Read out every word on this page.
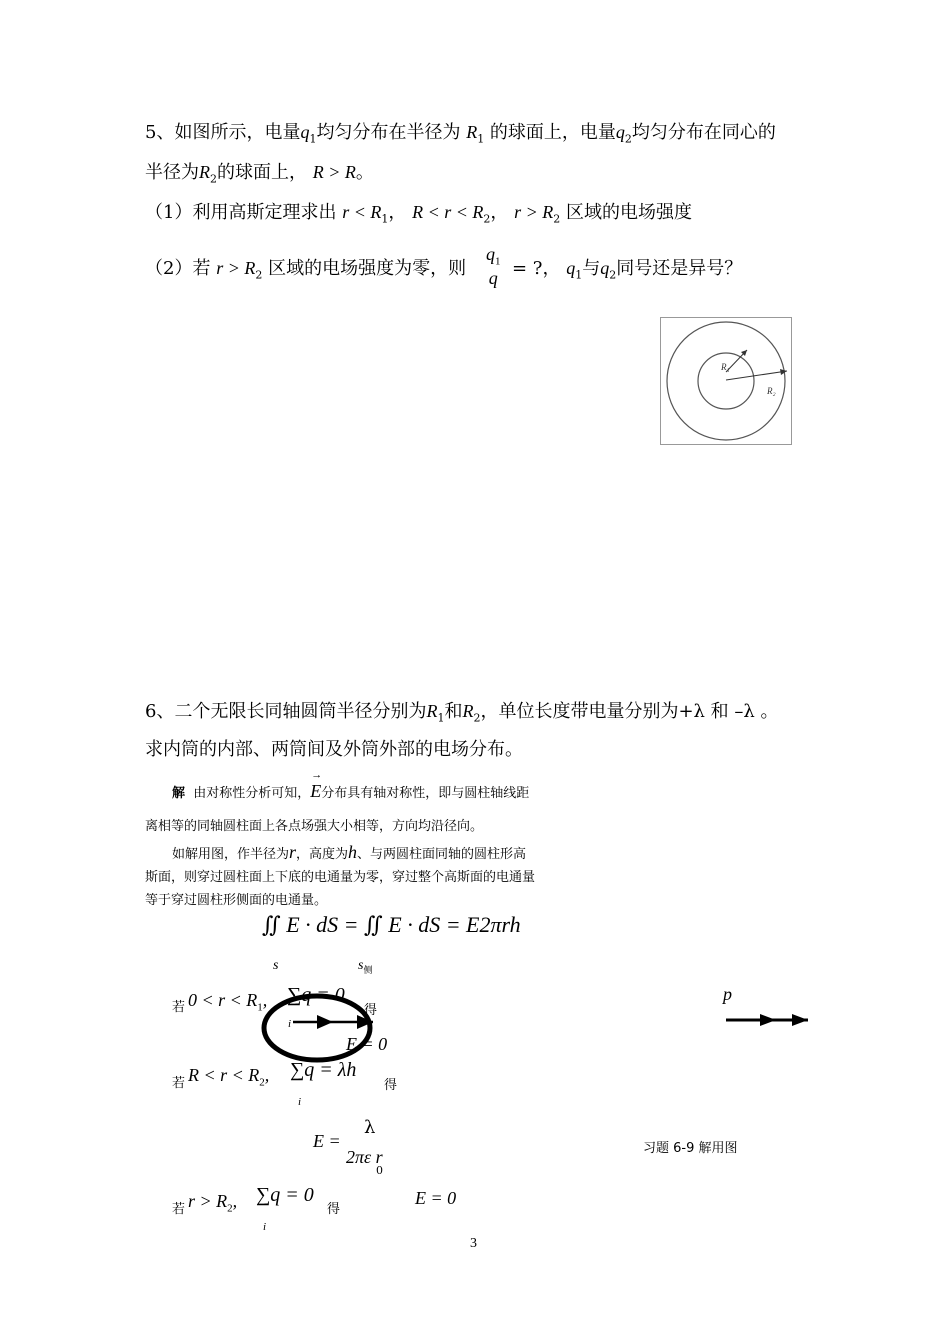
5、如图所示，电量$q_1$均匀分布在半径为 $R_1$ 的球面上，电量$q_2$均匀分布在同心的
半径为$R_2$的球面上， R > R。
（1）利用高斯定理求出 $r < R_1$， $R < r < R_2$， $r > R_2$ 区域的电场强度
（2）若 $r > R_2$ 区域的电场强度为零，则
$q_1$
q = ?， $q_1$与$q_2$同号还是异号？
R₁
R₂
6、二个无限长同轴圆筒半径分别为$R_1$和$R_2$，单位长度带电量分别为+λ 和 –λ 。
求内筒的内部、两筒间及外筒外部的电场分布。
解 由对称性分析可知，E
→
分布具有轴对称性，即与圆柱轴线距
离相等的同轴圆柱面上各点场强大小相等，方向均沿径向。
如解用图，作半径为r，高度为h、与两圆柱面同轴的圆柱形高
斯面，则穿过圆柱面上下底的电通量为零，穿过整个高斯面的电通量
等于穿过圆柱形侧面的电通量。
∬ E · dS = ∬ E · dS = E2πrh
s	$s_侧$
若 $0 < r < R_1$, ∑q = 0
i
得
E = 0
若 $R < r < R_2$, ∑q = λh
i
得
E =
λ
2πε r
0
若 $r > R_2$, ∑q = 0
i
得
E = 0
p
习题 6-9 解用图
3
